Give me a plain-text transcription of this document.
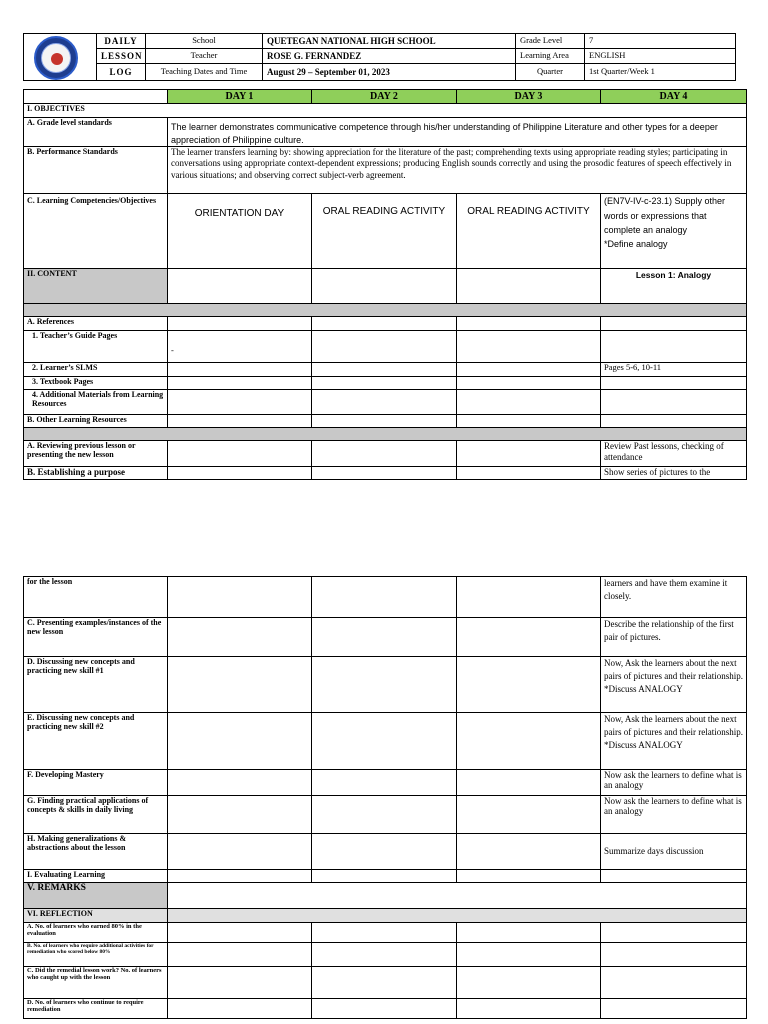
	DAILY	School	QUETEGAN NATIONAL HIGH SCHOOL	Grade Level	7
	LESSON	Teacher	ROSE G. FERNANDEZ	Learning Area	ENGLISH
	LOG	Teaching Dates and Time	August 29 – September 01, 2023	Quarter	1st Quarter/Week 1
	DAY 1	DAY 2	DAY 3	DAY 4
I. OBJECTIVES				
A. Grade level standards	The learner demonstrates communicative competence through his/her understanding of Philippine Literature and other types for a deeper appreciation of Philippine culture.			
B. Performance Standards	The learner transfers learning by: showing appreciation for the literature of the past; comprehending texts using appropriate reading styles; participating in conversations using appropriate context-dependent expressions; producing English sounds correctly and using the prosodic features of speech effectively in various situations; and observing correct subject-verb agreement.			
C. Learning Competencies/Objectives	ORIENTATION DAY	ORAL READING ACTIVITY	ORAL READING ACTIVITY	(EN7V-IV-c-23.1) Supply other words or expressions that complete an analogy
*Define analogy

II. CONTENT				Lesson 1: Analogy

A. References				
1. Teacher’s Guide Pages	-			
2. Learner’s SLMS				Pages 5-6, 10-11
3. Textbook Pages				
4. Additional Materials from Learning Resources				
B. Other Learning Resources				

A. Reviewing previous lesson or presenting the new lesson				Review Past lessons, checking of attendance
B. Establishing a purpose				Show series of pictures to the
for the lesson				learners and have them examine it closely.
C. Presenting examples/instances of the new lesson				Describe the relationship of the first pair of pictures.
D. Discussing new concepts and practicing new skill #1				Now, Ask the learners about the next pairs of pictures and their relationship.
*Discuss ANALOGY

E. Discussing new concepts and practicing new skill #2				Now, Ask the learners about the next pairs of pictures and their relationship.
*Discuss ANALOGY

F. Developing Mastery				Now ask the learners to define what is an analogy
G. Finding practical applications of concepts & skills in daily living				Now ask the learners to define what is an analogy
H. Making generalizations & abstractions about the lesson				Summarize days discussion
I. Evaluating Learning				
V. REMARKS				
VI. REFLECTION				
A. No. of learners who earned 80% in the evaluation				
B. No. of learners who require additional activities for remediation who scored below 80%				
C. Did the remedial lesson work? No. of learners who caught up with the lesson				
D. No. of learners who continue to require remediation				
